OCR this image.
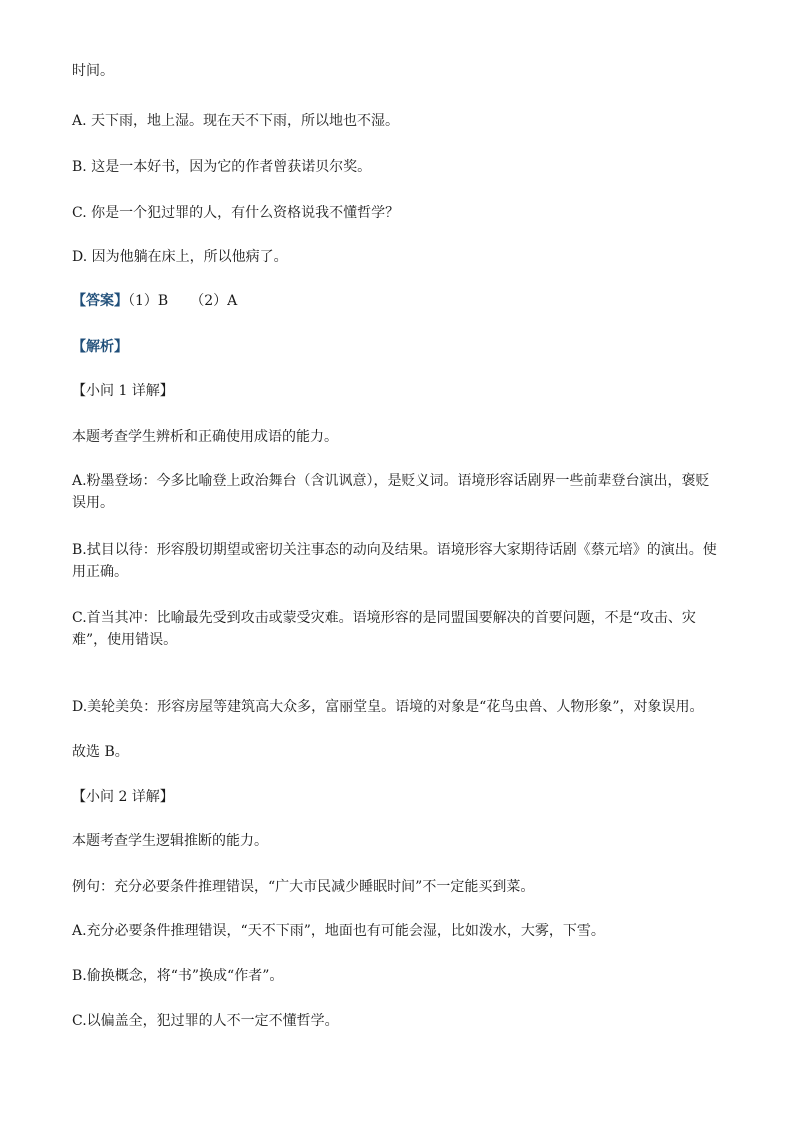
时间。

A. 天下雨，地上湿。现在天不下雨，所以地也不湿。

B. 这是一本好书，因为它的作者曾获诺贝尔奖。

C. 你是一个犯过罪的人，有什么资格说我不懂哲学？

D. 因为他躺在床上，所以他病了。

【答案】（1）B （2）A

【解析】

【小问 1 详解】

本题考查学生辨析和正确使用成语的能力。

A.粉墨登场：今多比喻登上政治舞台（含讥讽意），是贬义词。语境形容话剧界一些前辈登台演出，褒贬误用。

B.拭目以待：形容殷切期望或密切关注事态的动向及结果。语境形容大家期待话剧《蔡元培》的演出。使用正确。

C.首当其冲：比喻最先受到攻击或蒙受灾难。语境形容的是同盟国要解决的首要问题，不是“攻击、灾难”，使用错误。

D.美轮美奂：形容房屋等建筑高大众多，富丽堂皇。语境的对象是“花鸟虫兽、人物形象”，对象误用。

故选 B。

【小问 2 详解】

本题考查学生逻辑推断的能力。

例句：充分必要条件推理错误，“广大市民减少睡眠时间”不一定能买到菜。

A.充分必要条件推理错误，“天不下雨”，地面也有可能会湿，比如泼水，大雾，下雪。

B.偷换概念，将“书”换成“作者”。

C.以偏盖全，犯过罪的人不一定不懂哲学。
